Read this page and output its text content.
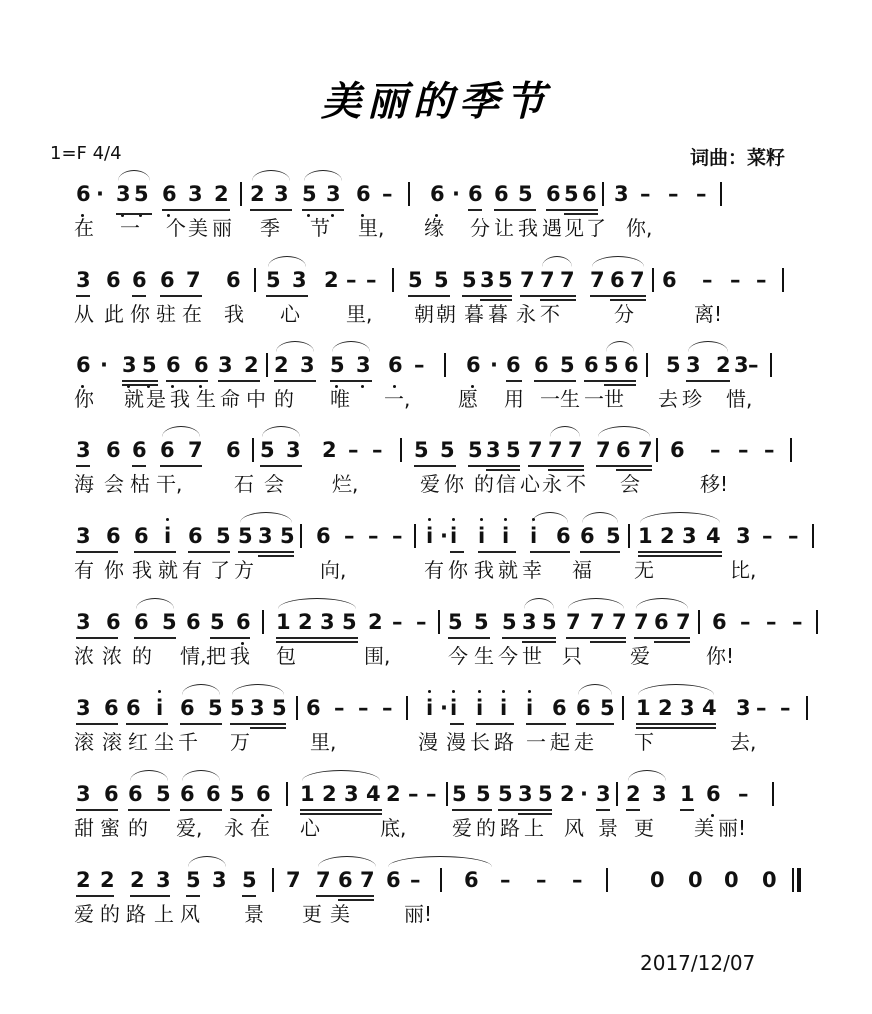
美丽的季节
1=F 4/4	词曲：菜籽
6 · 3 5 6 3 2 2 3 5 3 6 – 6 · 6 6 5 6 5 6 3 – – –
在 一 个 美 丽 季 节 里, 缘 分 让 我 遇 见 了 你,
3 6 6 6 7 6 5 3 2 – – 5 5 5 3 5 7 7 7 7 6 7 6 – – –
从 此 你 驻 在 我 心 里, 朝 朝 暮 暮 永 不	分	离!
6 · 3 5 6 6 3 2 2 3 5 3 6 – 6 · 6 6 5 6 5 6 5 3 2 3 –
你 就 是 我 生 命 中 的 唯 一, 愿 用 一 生 一 世 去 珍 惜,
3 6 6 6 7 6 5 3 2 – – 5 5 5 3 5 7 7 7 7 6 7 6 – – –
海 会 枯 干,	石 会 烂,	爱 你 的 信 心 永 不 会	移!
3 6 6 i 6 5 5 3 5 6 – – – i · i i i i 6 6 5 1 2 3 4 3 – –
有 你 我 就 有 了 方	向,	有 你 我 就 幸 福 无	比,
3 6 6 5 6 5 6 1 2 3 5 2 – – 5 5 5 3 5 7 7 7 7 6 7 6 – – –
浓 浓 的 情, 把 我 包	围,	今 生 今 世 只 爱	你!
3 6 6 i 6 5 5 3 5 6 – – – i · i i i i 6 6 5 1 2 3 4 3 – –
滚 滚 红 尘 千 万	里,	漫 漫 长 路 一 起 走 下	去,
3 6 6 5 6 6 5 6 1 2 3 4 2 – – 5 5 5 3 5 2 · 3 2 3 1 6 –
甜 蜜 的 爱, 永 在 心	底, 爱 的 路 上 风 景 更 美 丽!
2 2 2 3 5 3 5 7 7 6 7 6 – 6 – – –	0 0 0 0
爱 的 路 上 风 景 更 美	丽!
2017/12/07
